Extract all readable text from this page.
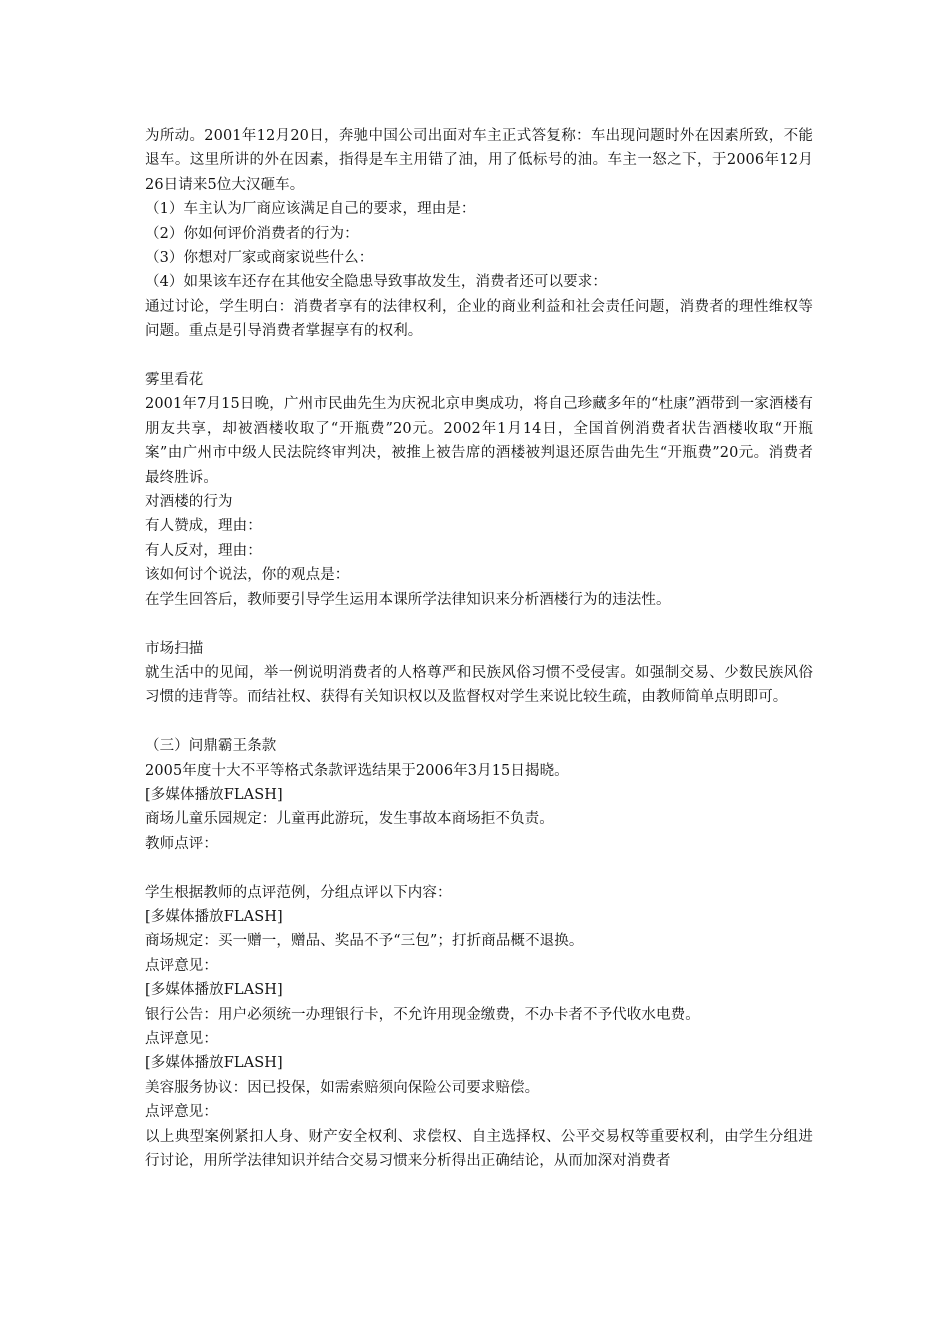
为所动。2001年12月20日，奔驰中国公司出面对车主正式答复称：车出现问题时外在因素所致，不能退车。这里所讲的外在因素，指得是车主用错了油，用了低标号的油。车主一怒之下，于2006年12月26日请来5位大汉砸车。

（1）车主认为厂商应该满足自己的要求，理由是：

（2）你如何评价消费者的行为：

（3）你想对厂家或商家说些什么：

（4）如果该车还存在其他安全隐患导致事故发生，消费者还可以要求：

通过讨论，学生明白：消费者享有的法律权利，企业的商业利益和社会责任问题，消费者的理性维权等问题。重点是引导消费者掌握享有的权利。

雾里看花

2001年7月15日晚，广州市民曲先生为庆祝北京申奥成功，将自己珍藏多年的“杜康”酒带到一家酒楼有朋友共享，却被酒楼收取了“开瓶费”20元。2002年1月14日，全国首例消费者状告酒楼收取“开瓶案”由广州市中级人民法院终审判决，被推上被告席的酒楼被判退还原告曲先生“开瓶费”20元。消费者最终胜诉。

对酒楼的行为

有人赞成，理由：

有人反对，理由：

该如何讨个说法，你的观点是：

在学生回答后，教师要引导学生运用本课所学法律知识来分析酒楼行为的违法性。

市场扫描

就生活中的见闻，举一例说明消费者的人格尊严和民族风俗习惯不受侵害。如强制交易、少数民族风俗习惯的违背等。而结社权、获得有关知识权以及监督权对学生来说比较生疏，由教师简单点明即可。

（三）问鼎霸王条款

2005年度十大不平等格式条款评选结果于2006年3月15日揭晓。

[多媒体播放FLASH]

商场儿童乐园规定：儿童再此游玩，发生事故本商场拒不负责。

教师点评：

学生根据教师的点评范例，分组点评以下内容：

[多媒体播放FLASH]

商场规定：买一赠一，赠品、奖品不予“三包”；打折商品概不退换。

点评意见：

[多媒体播放FLASH]

银行公告：用户必须统一办理银行卡，不允许用现金缴费，不办卡者不予代收水电费。

点评意见：

[多媒体播放FLASH]

美容服务协议：因已投保，如需索赔须向保险公司要求赔偿。

点评意见：

以上典型案例紧扣人身、财产安全权利、求偿权、自主选择权、公平交易权等重要权利，由学生分组进行讨论，用所学法律知识并结合交易习惯来分析得出正确结论，从而加深对消费者
